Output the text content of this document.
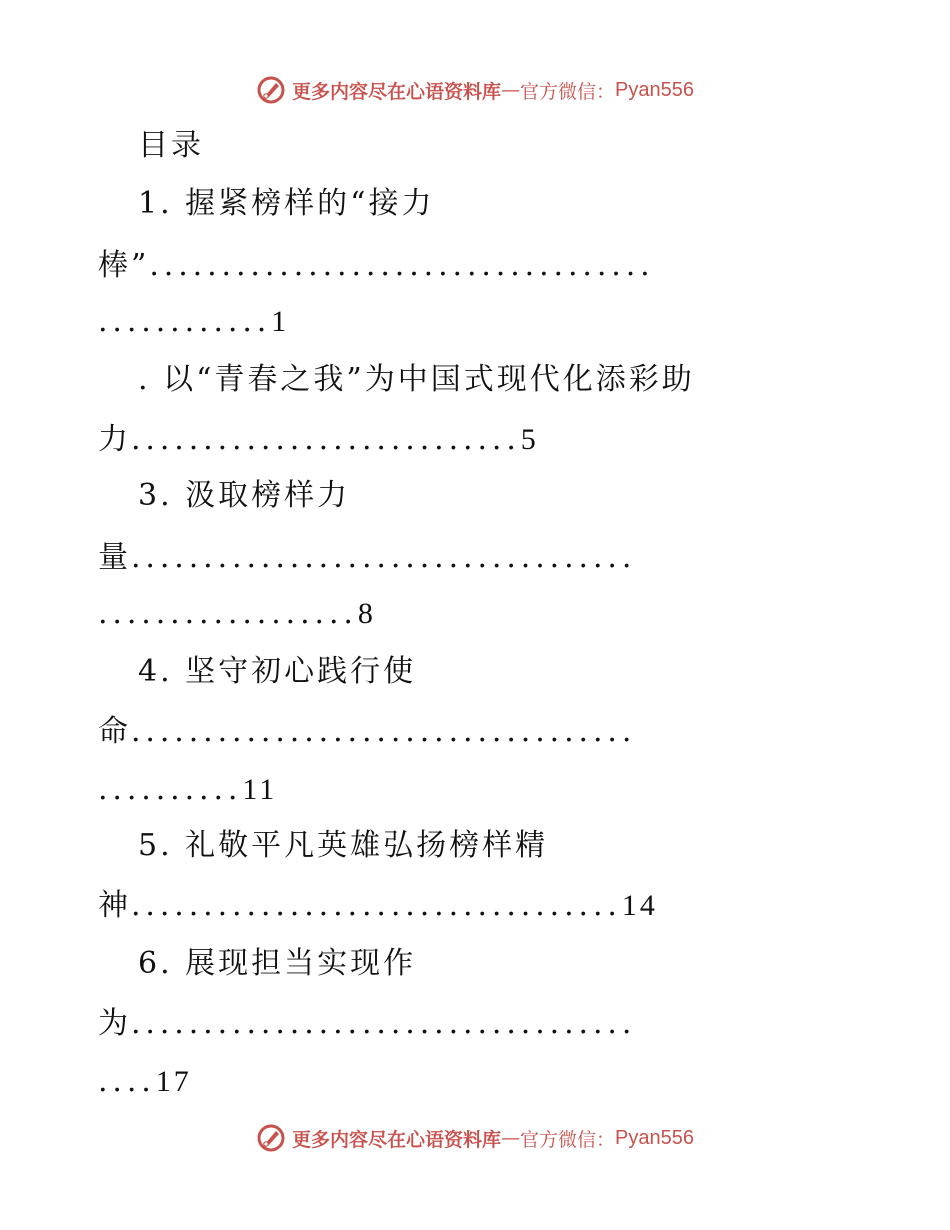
更多内容尽在心语资料库 — 官方微信： Pyan556
目录
1. 握紧榜样的“接力
棒”...................................
............1
. 以“青春之我”为中国式现代化添彩助
力...........................5
3. 汲取榜样力
量...................................
..................8
4. 坚守初心践行使
命...................................
..........11
5. 礼敬平凡英雄弘扬榜样精
神..................................14
6. 展现担当实现作
为...................................
....17
更多内容尽在心语资料库 — 官方微信： Pyan556
